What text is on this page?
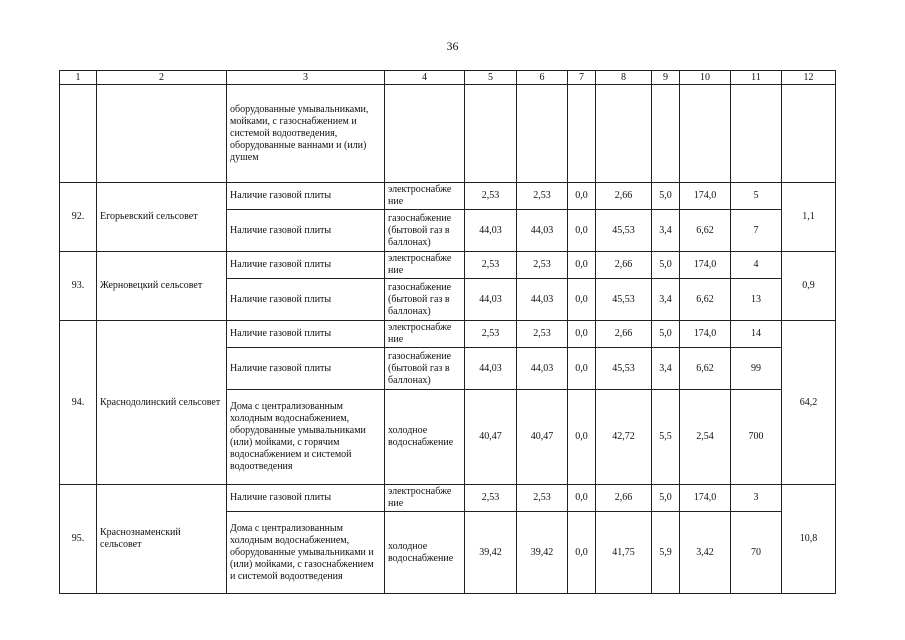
36
1	2	3	4	5	6	7	8	9	10	11	12
		оборудованные умывальниками, мойками, с газоснабжением и системой водоотведения, оборудованные ваннами и (или) душем									
92.	Егорьевский сельсовет	Наличие газовой плиты	электроснабже ние	2,53	2,53	0,0	2,66	5,0	174,0	5	1,1
		Наличие газовой плиты	газоснабжение (бытовой газ в баллонах)	44,03	44,03	0,0	45,53	3,4	6,62	7	
93.	Жерновецкий сельсовет	Наличие газовой плиты	электроснабже ние	2,53	2,53	0,0	2,66	5,0	174,0	4	0,9
		Наличие газовой плиты	газоснабжение (бытовой газ в баллонах)	44,03	44,03	0,0	45,53	3,4	6,62	13	
94.	Краснодолинский сельсовет	Наличие газовой плиты	электроснабже ние	2,53	2,53	0,0	2,66	5,0	174,0	14	64,2
		Наличие газовой плиты	газоснабжение (бытовой газ в баллонах)	44,03	44,03	0,0	45,53	3,4	6,62	99	
		Дома с централизованным холодным водоснабжением, оборудованные умывальниками (или) мойками, с горячим водоснабжением и системой водоотведения	холодное водоснабжение	40,47	40,47	0,0	42,72	5,5	2,54	700	
95.	Краснознаменский сельсовет	Наличие газовой плиты	электроснабже ние	2,53	2,53	0,0	2,66	5,0	174,0	3	10,8
		Дома с централизованным холодным водоснабжением, оборудованные умывальниками и (или) мойками, с газоснабжением и системой водоотведения	холодное водоснабжение	39,42	39,42	0,0	41,75	5,9	3,42	70	
